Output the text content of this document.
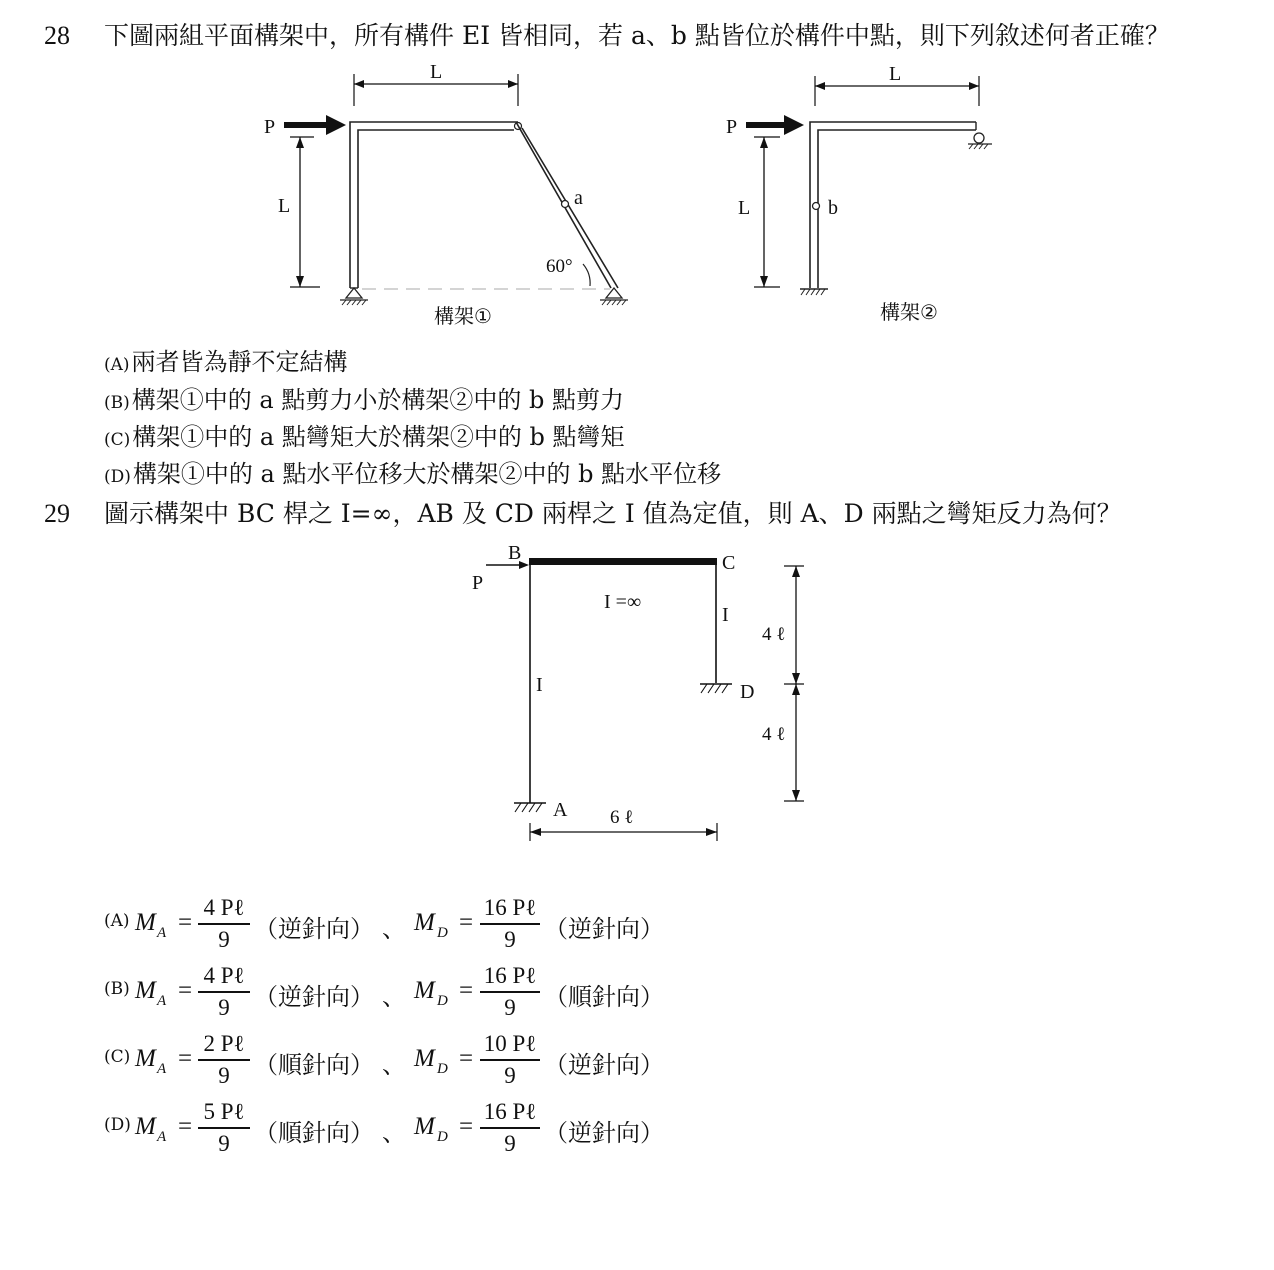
28 下圖兩組平面構架中，所有構件 EI 皆相同，若 a、b 點皆位於構件中點，則下列敘述何者正確？
L
P
a
L
60°
構架①
L
P
b
L
構架②
(A)兩者皆為靜不定結構
(B)構架①中的 a 點剪力小於構架②中的 b 點剪力
(C)構架①中的 a 點彎矩大於構架②中的 b 點彎矩
(D)構架①中的 a 點水平位移大於構架②中的 b 點水平位移
29 圖示構架中 BC 桿之 I=∞，AB 及 CD 兩桿之 I 值為定值，則 A、D 兩點之彎矩反力為何？
P
B	C
I =∞
I
I	D
A
4 ℓ
4 ℓ
6 ℓ
(A) M A =
4 Pℓ
9	（逆針向） 、 M D =
16 Pℓ
9	（逆針向）
(B) M A =
4 Pℓ
9	（逆針向） 、 M D =
16 Pℓ
9	（順針向）
(C) M A =
2 Pℓ
9	（順針向） 、 M D =
10 Pℓ
9	（逆針向）
(D) M A =
5 Pℓ
9	（順針向） 、 M D =
16 Pℓ
9	（逆針向）
